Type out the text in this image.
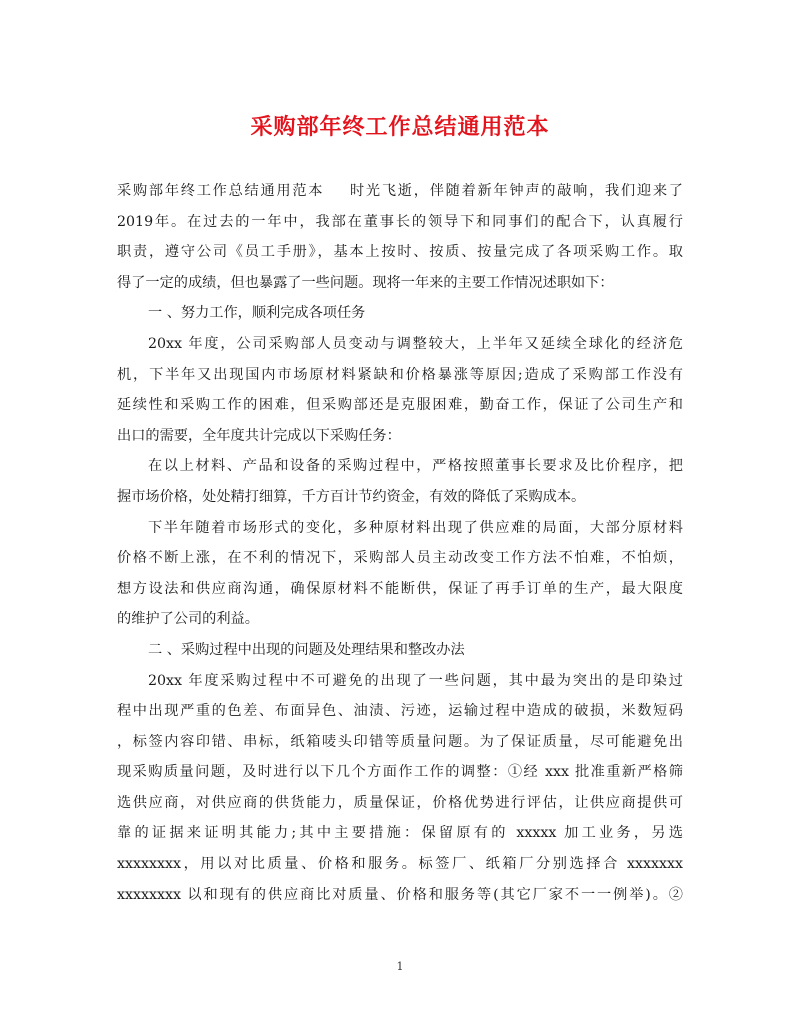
采购部年终工作总结通用范本
采购部年终工作总结通用范本 时光飞逝，伴随着新年钟声的敲响，我们迎来了
2019年。在过去的一年中，我部在董事长的领导下和同事们的配合下，认真履行
职责，遵守公司《员工手册》，基本上按时、按质、按量完成了各项采购工作。取
得了一定的成绩，但也暴露了一些问题。现将一年来的主要工作情况述职如下：
一 、努力工作，顺利完成各项任务
20xx 年度，公司采购部人员变动与调整较大，上半年又延续全球化的经济危
机，下半年又出现国内市场原材料紧缺和价格暴涨等原因;造成了采购部工作没有
延续性和采购工作的困难，但采购部还是克服困难，勤奋工作，保证了公司生产和
出口的需要，全年度共计完成以下采购任务：
在以上材料、产品和设备的采购过程中，严格按照董事长要求及比价程序，把
握市场价格，处处精打细算，千方百计节约资金，有效的降低了采购成本。
下半年随着市场形式的变化，多种原材料出现了供应难的局面，大部分原材料
价格不断上涨，在不利的情况下，采购部人员主动改变工作方法不怕难，不怕烦，
想方设法和供应商沟通，确保原材料不能断供，保证了再手订单的生产，最大限度
的维护了公司的利益。
二 、采购过程中出现的问题及处理结果和整改办法
20xx 年度采购过程中不可避免的出现了一些问题，其中最为突出的是印染过
程中出现严重的色差、布面异色、油渍、污迹，运输过程中造成的破损，米数短码
，标签内容印错、串标，纸箱唛头印错等质量问题。为了保证质量，尽可能避免出
现采购质量问题，及时进行以下几个方面作工作的调整：①经 xxx 批准重新严格筛
选供应商，对供应商的供货能力，质量保证，价格优势进行评估，让供应商提供可
靠的证据来证明其能力;其中主要措施：保留原有的 xxxxx 加工业务，另选
xxxxxxxx，用以对比质量、价格和服务。标签厂、纸箱厂分别选择合 xxxxxxx
xxxxxxxx 以和现有的供应商比对质量、价格和服务等(其它厂家不一一例举)。②
1
